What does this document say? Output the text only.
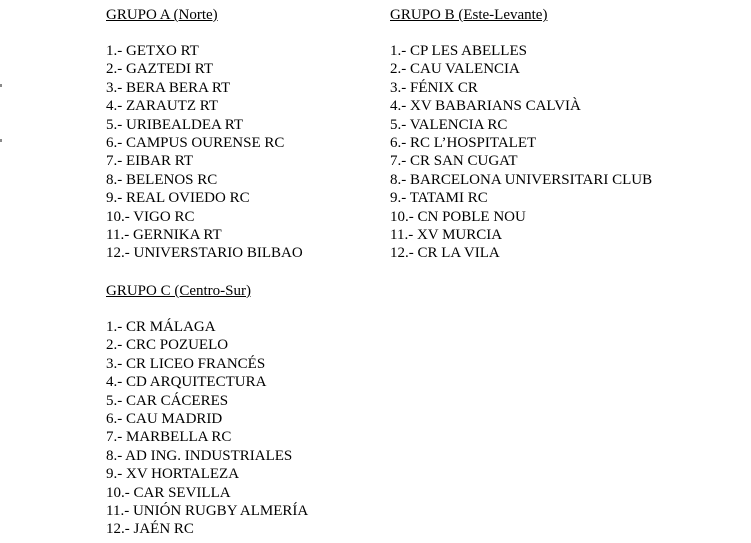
GRUPO A (Norte)
1.- GETXO RT
2.- GAZTEDI RT
3.- BERA BERA RT
4.- ZARAUTZ RT
5.- URIBEALDEA RT
6.- CAMPUS OURENSE RC
7.- EIBAR RT
8.- BELENOS RC
9.- REAL OVIEDO RC
10.- VIGO RC
11.- GERNIKA RT
12.- UNIVERSTARIO BILBAO
GRUPO B (Este-Levante)
1.- CP LES ABELLES
2.- CAU VALENCIA
3.- FÉNIX CR
4.- XV BABARIANS CALVIÀ
5.- VALENCIA RC
6.- RC L’HOSPITALET
7.- CR SAN CUGAT
8.- BARCELONA UNIVERSITARI CLUB
9.- TATAMI RC
10.- CN POBLE NOU
11.- XV MURCIA
12.- CR LA VILA
GRUPO C (Centro-Sur)
1.- CR MÁLAGA
2.- CRC POZUELO
3.- CR LICEO FRANCÉS
4.- CD ARQUITECTURA
5.- CAR CÁCERES
6.- CAU MADRID
7.- MARBELLA RC
8.- AD ING. INDUSTRIALES
9.- XV HORTALEZA
10.- CAR SEVILLA
11.- UNIÓN RUGBY ALMERÍA
12.- JAÉN RC
